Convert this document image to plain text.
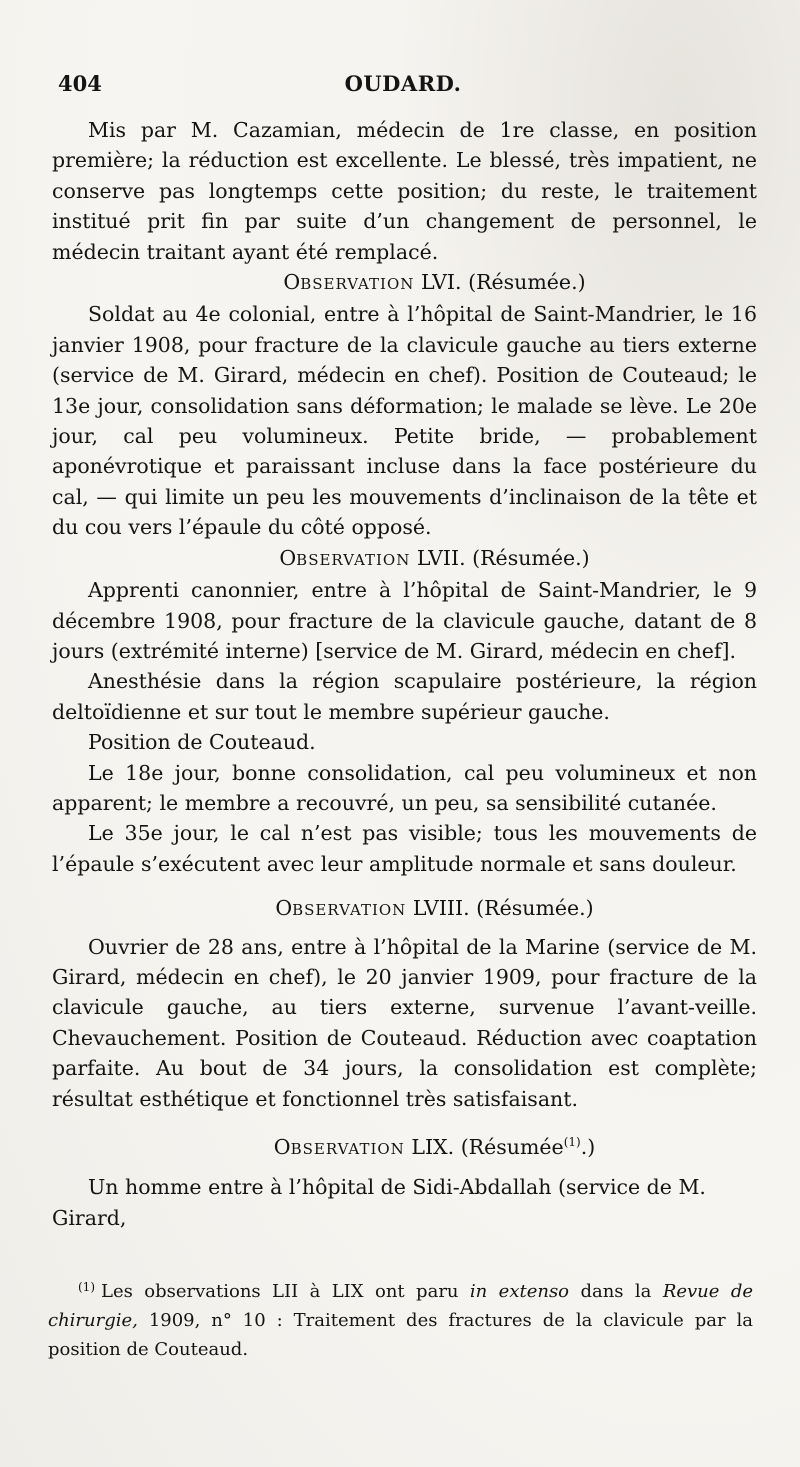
404	OUDARD.

Mis par M. Cazamian, médecin de 1re classe, en position première; la réduction est excellente. Le blessé, très impatient, ne conserve pas longtemps cette position; du reste, le traitement institué prit fin par suite d’un changement de personnel, le médecin traitant ayant été remplacé.

OBSERVATION LVI. (Résumée.)

Soldat au 4e colonial, entre à l’hôpital de Saint-Mandrier, le 16 janvier 1908, pour fracture de la clavicule gauche au tiers externe (service de M. Girard, médecin en chef). Position de Couteaud; le 13e jour, consolidation sans déformation; le malade se lève. Le 20e jour, cal peu volumineux. Petite bride, — probablement aponévrotique et paraissant incluse dans la face postérieure du cal, — qui limite un peu les mouvements d’inclinaison de la tête et du cou vers l’épaule du côté opposé.

OBSERVATION LVII. (Résumée.)

Apprenti canonnier, entre à l’hôpital de Saint-Mandrier, le 9 décembre 1908, pour fracture de la clavicule gauche, datant de 8 jours (extrémité interne) [service de M. Girard, médecin en chef].

Anesthésie dans la région scapulaire postérieure, la région deltoïdienne et sur tout le membre supérieur gauche.

Position de Couteaud.

Le 18e jour, bonne consolidation, cal peu volumineux et non apparent; le membre a recouvré, un peu, sa sensibilité cutanée.

Le 35e jour, le cal n’est pas visible; tous les mouvements de l’épaule s’exécutent avec leur amplitude normale et sans douleur.

OBSERVATION LVIII. (Résumée.)

Ouvrier de 28 ans, entre à l’hôpital de la Marine (service de M. Girard, médecin en chef), le 20 janvier 1909, pour fracture de la clavicule gauche, au tiers externe, survenue l’avant-veille. Chevauchement. Position de Couteaud. Réduction avec coaptation parfaite. Au bout de 34 jours, la consolidation est complète; résultat esthétique et fonctionnel très satisfaisant.

OBSERVATION LIX. (Résumée$^{(1)}$.)

Un homme entre à l’hôpital de Sidi-Abdallah (service de M. Girard,

$^{(1)}$ Les observations LII à LIX ont paru in extenso dans la Revue de chirurgie, 1909, n° 10 : Traitement des fractures de la clavicule par la position de Couteaud.
